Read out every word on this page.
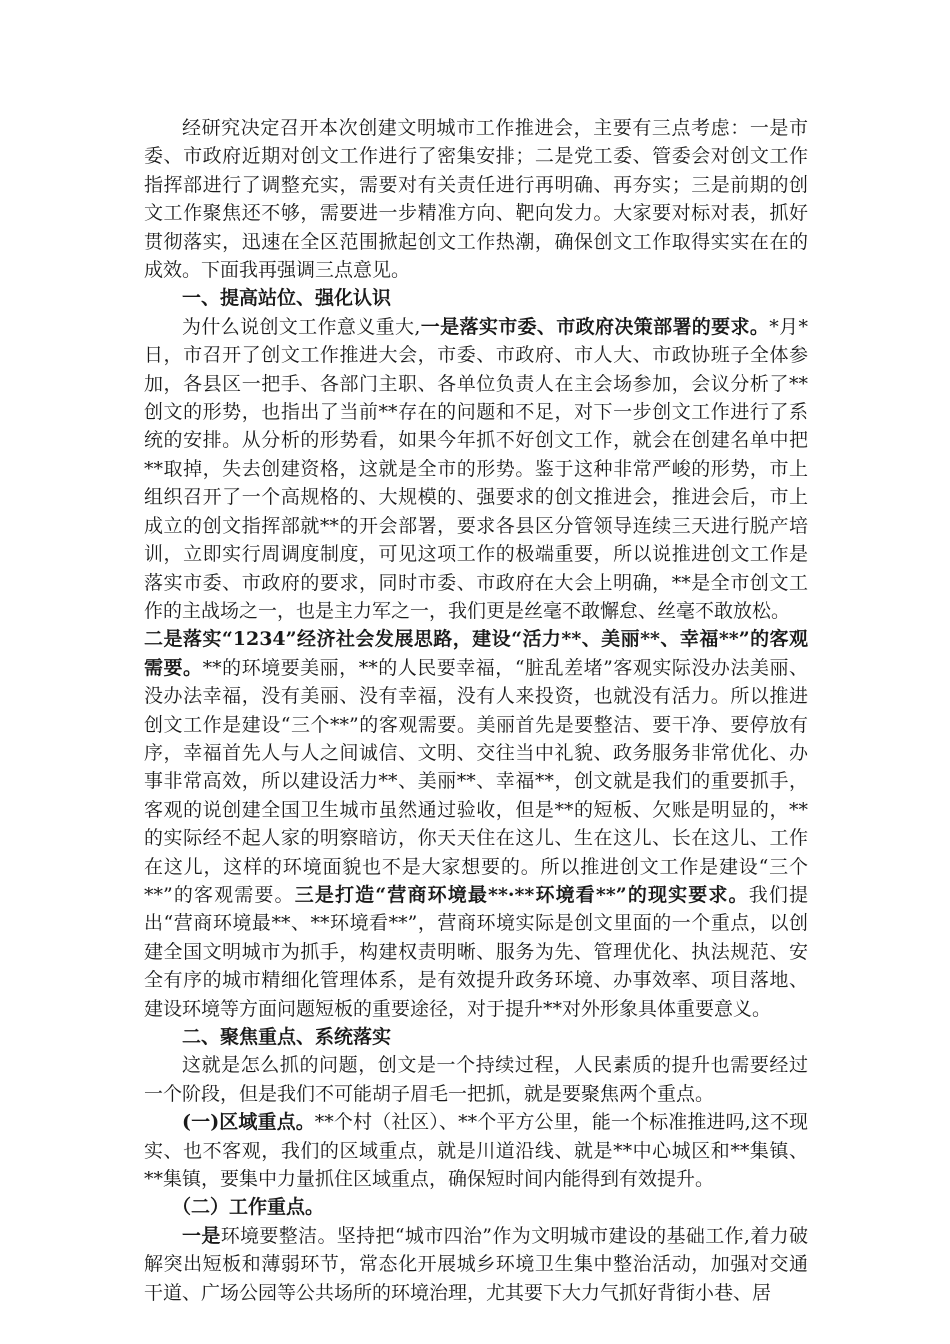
经研究决定召开本次创建文明城市工作推进会，主要有三点考虑：一是市委、市政府近期对创文工作进行了密集安排；二是党工委、管委会对创文工作指挥部进行了调整充实，需要对有关责任进行再明确、再夯实；三是前期的创文工作聚焦还不够，需要进一步精准方向、靶向发力。大家要对标对表，抓好贯彻落实，迅速在全区范围掀起创文工作热潮，确保创文工作取得实实在在的成效。下面我再强调三点意见。

一、提高站位、强化认识

为什么说创文工作意义重大,一是落实市委、市政府决策部署的要求。*月*日，市召开了创文工作推进大会，市委、市政府、市人大、市政协班子全体参加，各县区一把手、各部门主职、各单位负责人在主会场参加，会议分析了**创文的形势，也指出了当前**存在的问题和不足，对下一步创文工作进行了系统的安排。从分析的形势看，如果今年抓不好创文工作，就会在创建名单中把**取掉，失去创建资格，这就是全市的形势。鉴于这种非常严峻的形势，市上组织召开了一个高规格的、大规模的、强要求的创文推进会，推进会后，市上成立的创文指挥部就**的开会部署，要求各县区分管领导连续三天进行脱产培训，立即实行周调度制度，可见这项工作的极端重要，所以说推进创文工作是落实市委、市政府的要求，同时市委、市政府在大会上明确，**是全市创文工作的主战场之一，也是主力军之一，我们更是丝毫不敢懈怠、丝毫不敢放松。

二是落实“1234”经济社会发展思路，建设“活力**、美丽**、幸福**”的客观需要。**的环境要美丽，**的人民要幸福，“脏乱差堵”客观实际没办法美丽、没办法幸福，没有美丽、没有幸福，没有人来投资，也就没有活力。所以推进创文工作是建设“三个**”的客观需要。美丽首先是要整洁、要干净、要停放有序，幸福首先人与人之间诚信、文明、交往当中礼貌、政务服务非常优化、办事非常高效，所以建设活力**、美丽**、幸福**，创文就是我们的重要抓手，客观的说创建全国卫生城市虽然通过验收，但是**的短板、欠账是明显的，**的实际经不起人家的明察暗访，你天天住在这儿、生在这儿、长在这儿、工作在这儿，这样的环境面貌也不是大家想要的。所以推进创文工作是建设“三个**”的客观需要。三是打造“营商环境最**·**环境看**”的现实要求。我们提出“营商环境最**、**环境看**”，营商环境实际是创文里面的一个重点，以创建全国文明城市为抓手，构建权责明晰、服务为先、管理优化、执法规范、安全有序的城市精细化管理体系，是有效提升政务环境、办事效率、项目落地、建设环境等方面问题短板的重要途径，对于提升**对外形象具体重要意义。

二、聚焦重点、系统落实

这就是怎么抓的问题，创文是一个持续过程，人民素质的提升也需要经过一个阶段，但是我们不可能胡子眉毛一把抓，就是要聚焦两个重点。

(一)区域重点。**个村（社区）、**个平方公里，能一个标准推进吗,这不现实、也不客观，我们的区域重点，就是川道沿线、就是**中心城区和**集镇、**集镇，要集中力量抓住区域重点，确保短时间内能得到有效提升。

（二）工作重点。

一是环境要整洁。坚持把“城市四治”作为文明城市建设的基础工作,着力破解突出短板和薄弱环节，常态化开展城乡环境卫生集中整治活动，加强对交通干道、广场公园等公共场所的环境治理，尤其要下大力气抓好背街小巷、居
